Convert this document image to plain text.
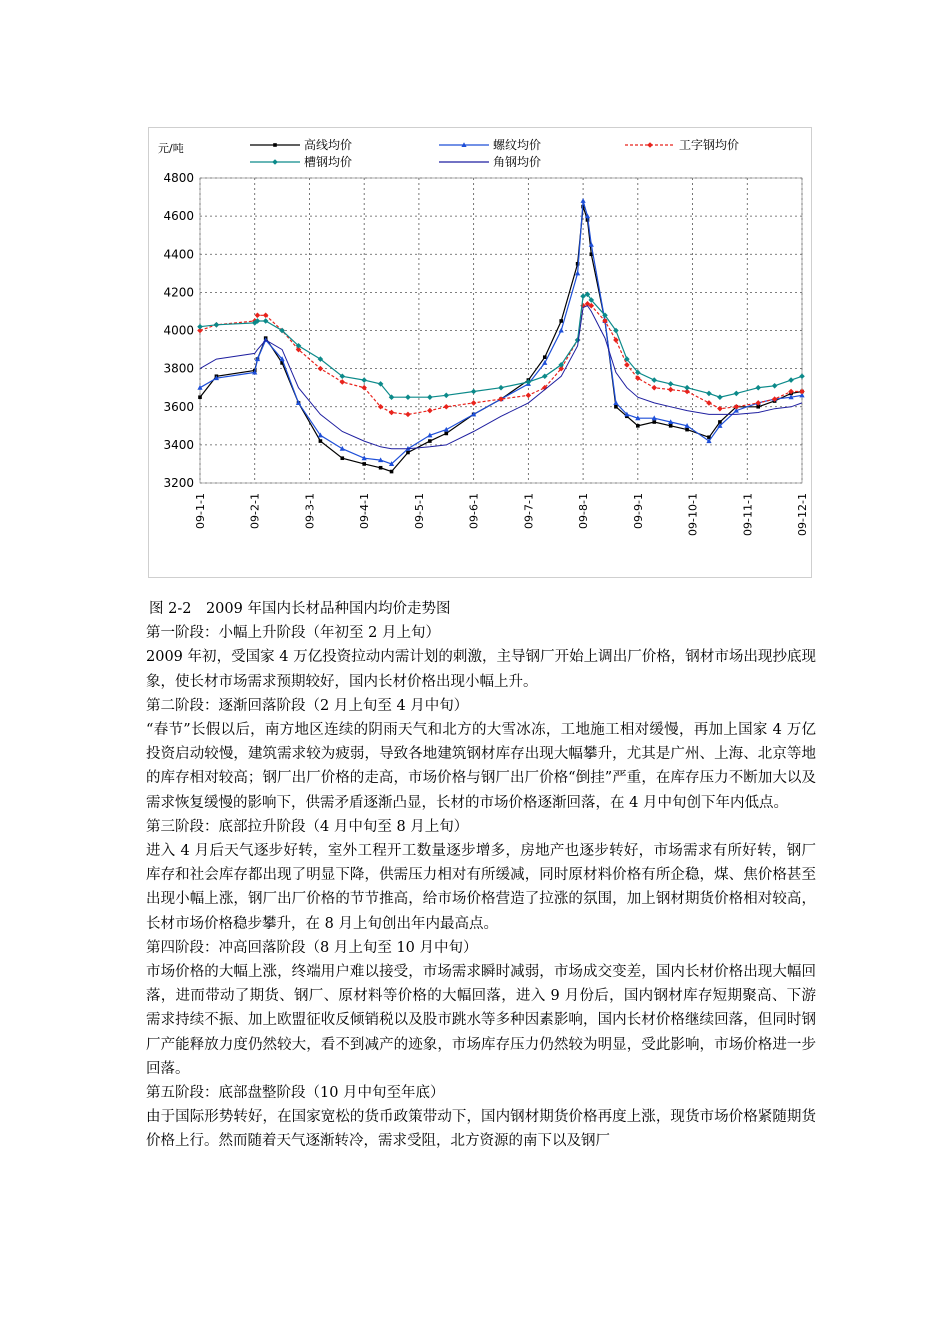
3200
3400
3600
3800
4000
4200
4400
4600
4800
09-1-1	09-2-1	09-3-1	09-4-1	09-5-1	09-6-1	09-7-1	09-8-1	09-9-1	09-10-1	09-11-1	09-12-1
元/吨	高线均价	螺纹均价	工字钢均价
槽钢均价	角钢均价

图 2-2　2009 年国内长材品种国内均价走势图

第一阶段：小幅上升阶段（年初至 2 月上旬）

2009 年初，受国家 4 万亿投资拉动内需计划的刺激，主导钢厂开始上调出厂价格，钢材市场出现抄底现象，使长材市场需求预期较好，国内长材价格出现小幅上升。

第二阶段：逐渐回落阶段（2 月上旬至 4 月中旬）

“春节”长假以后，南方地区连续的阴雨天气和北方的大雪冰冻，工地施工相对缓慢，再加上国家 4 万亿投资启动较慢，建筑需求较为疲弱，导致各地建筑钢材库存出现大幅攀升，尤其是广州、上海、北京等地的库存相对较高；钢厂出厂价格的走高，市场价格与钢厂出厂价格“倒挂”严重，在库存压力不断加大以及需求恢复缓慢的影响下，供需矛盾逐渐凸显，长材的市场价格逐渐回落，在 4 月中旬创下年内低点。

第三阶段：底部拉升阶段（4 月中旬至 8 月上旬）

进入 4 月后天气逐步好转，室外工程开工数量逐步增多，房地产也逐步转好，市场需求有所好转，钢厂库存和社会库存都出现了明显下降，供需压力相对有所缓减，同时原材料价格有所企稳，煤、焦价格甚至出现小幅上涨，钢厂出厂价格的节节推高，给市场价格营造了拉涨的氛围，加上钢材期货价格相对较高，长材市场价格稳步攀升，在 8 月上旬创出年内最高点。

第四阶段：冲高回落阶段（8 月上旬至 10 月中旬）

市场价格的大幅上涨，终端用户难以接受，市场需求瞬时减弱，市场成交变差，国内长材价格出现大幅回落，进而带动了期货、钢厂、原材料等价格的大幅回落，进入 9 月份后，国内钢材库存短期聚高、下游需求持续不振、加上欧盟征收反倾销税以及股市跳水等多种因素影响，国内长材价格继续回落，但同时钢厂产能释放力度仍然较大，看不到减产的迹象，市场库存压力仍然较为明显，受此影响，市场价格进一步回落。

第五阶段：底部盘整阶段（10 月中旬至年底）

由于国际形势转好，在国家宽松的货币政策带动下，国内钢材期货价格再度上涨，现货市场价格紧随期货价格上行。然而随着天气逐渐转冷，需求受阻，北方资源的南下以及钢厂
